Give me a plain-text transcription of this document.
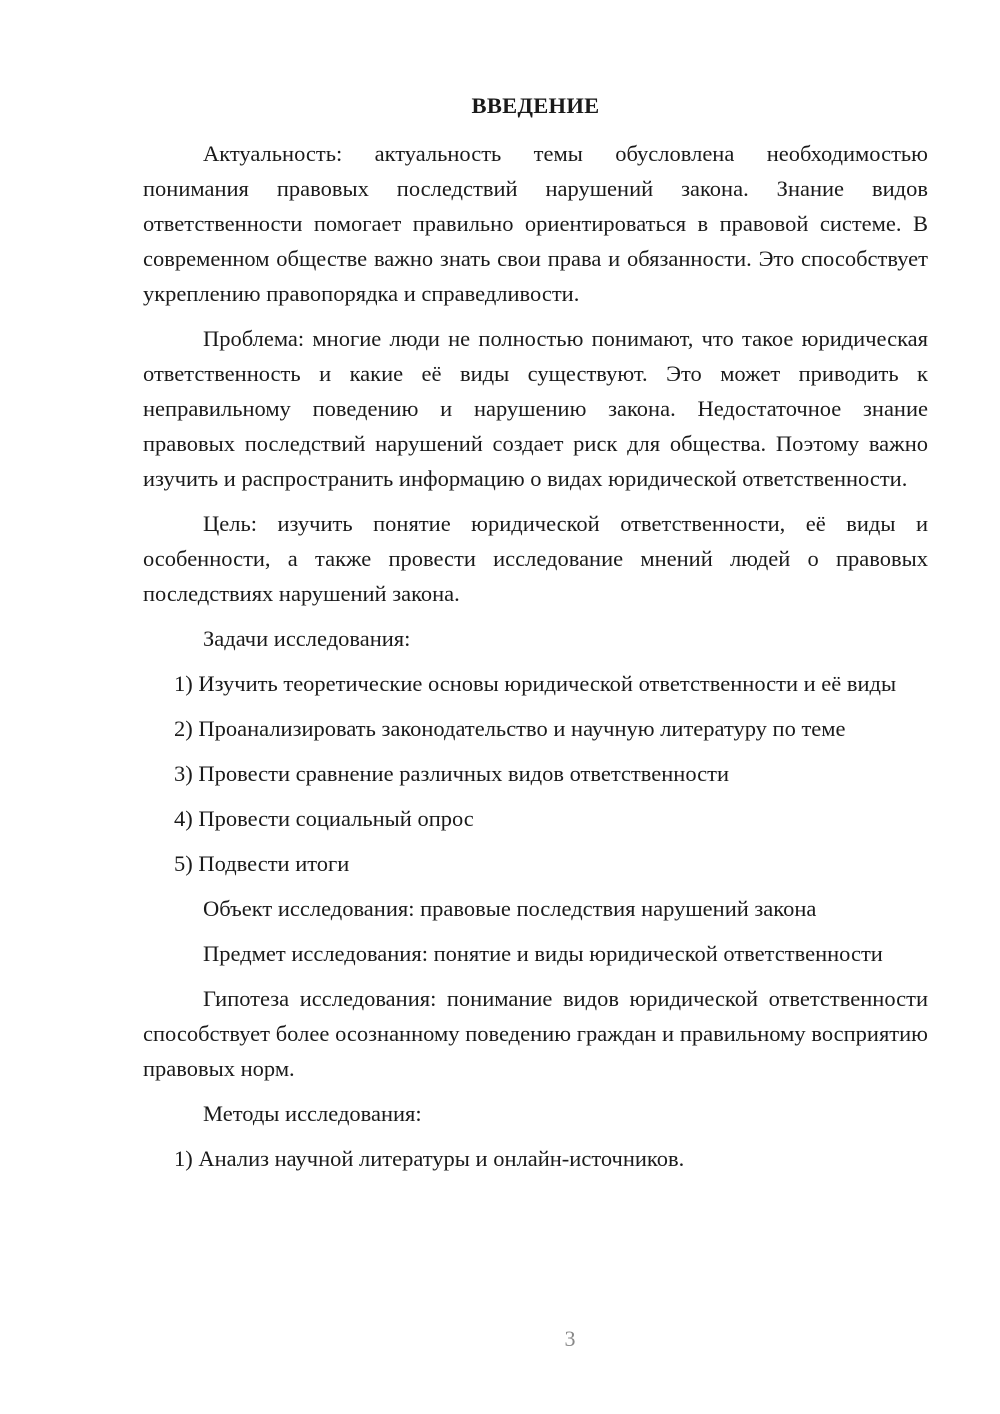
ВВЕДЕНИЕ

Актуальность: актуальность темы обусловлена необходимостью понимания правовых последствий нарушений закона. Знание видов ответственности помогает правильно ориентироваться в правовой системе. В современном обществе важно знать свои права и обязанности. Это способствует укреплению правопорядка и справедливости.

Проблема: многие люди не полностью понимают, что такое юридическая ответственность и какие её виды существуют. Это может приводить к неправильному поведению и нарушению закона. Недостаточное знание правовых последствий нарушений создает риск для общества. Поэтому важно изучить и распространить информацию о видах юридической ответственности.

Цель: изучить понятие юридической ответственности, её виды и особенности, а также провести исследование мнений людей о правовых последствиях нарушений закона.

Задачи исследования:

1) Изучить теоретические основы юридической ответственности и её виды

2) Проанализировать законодательство и научную литературу по теме

3) Провести сравнение различных видов ответственности

4) Провести социальный опрос

5) Подвести итоги

Объект исследования: правовые последствия нарушений закона

Предмет исследования: понятие и виды юридической ответственности

Гипотеза исследования: понимание видов юридической ответственности способствует более осознанному поведению граждан и правильному восприятию правовых норм.

Методы исследования:

1) Анализ научной литературы и онлайн-источников.

3
